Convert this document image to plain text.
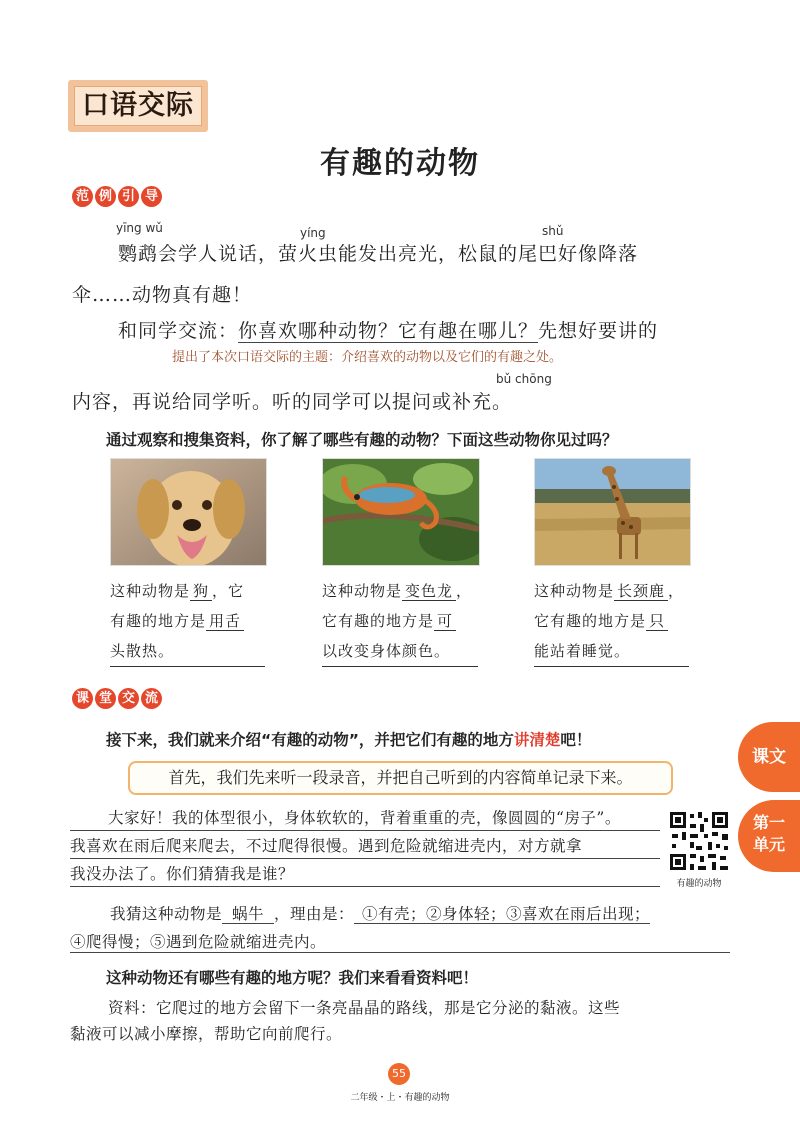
口语交际
有趣的动物
范 例 引 导
yīng wǔ	yíng	shǔ
鹦鹉会学人说话，萤火虫能发出亮光，松鼠的尾巴好像降落
伞……动物真有趣！
和同学交流：你喜欢哪种动物？它有趣在哪儿？先想好要讲的
提出了本次口语交际的主题：介绍喜欢的动物以及它们的有趣之处。
bǔ chōng
内容，再说给同学听。听的同学可以提问或补充。
通过观察和搜集资料，你了解了哪些有趣的动物？下面这些动物你见过吗？
这种动物是 狗 ，它
有趣的地方是 用舌
头散热。
这种动物是 变色龙 ，
它有趣的地方是 可
以改变身体颜色。
这种动物是 长颈鹿 ，
它有趣的地方是 只
能站着睡觉。
课 堂 交 流
接下来，我们就来介绍“有趣的动物”，并把它们有趣的地方讲清楚吧！
首先，我们先来听一段录音，并把自己听到的内容简单记录下来。
大家好！我的体型很小，身体软软的，背着重重的壳，像圆圆的“房子”。
我喜欢在雨后爬来爬去，不过爬得很慢。遇到危险就缩进壳内，对方就拿
我没办法了。你们猜猜我是谁？
有趣的动物
我猜这种动物是 蜗牛 ，理由是： ①有壳；②身体轻；③喜欢在雨后出现；
④爬得慢；⑤遇到危险就缩进壳内。
这种动物还有哪些有趣的地方呢？我们来看看资料吧！
资料：它爬过的地方会留下一条亮晶晶的路线，那是它分泌的黏液。这些
黏液可以减小摩擦，帮助它向前爬行。
课文
第一
单元
55
二年级・上・有趣的动物
